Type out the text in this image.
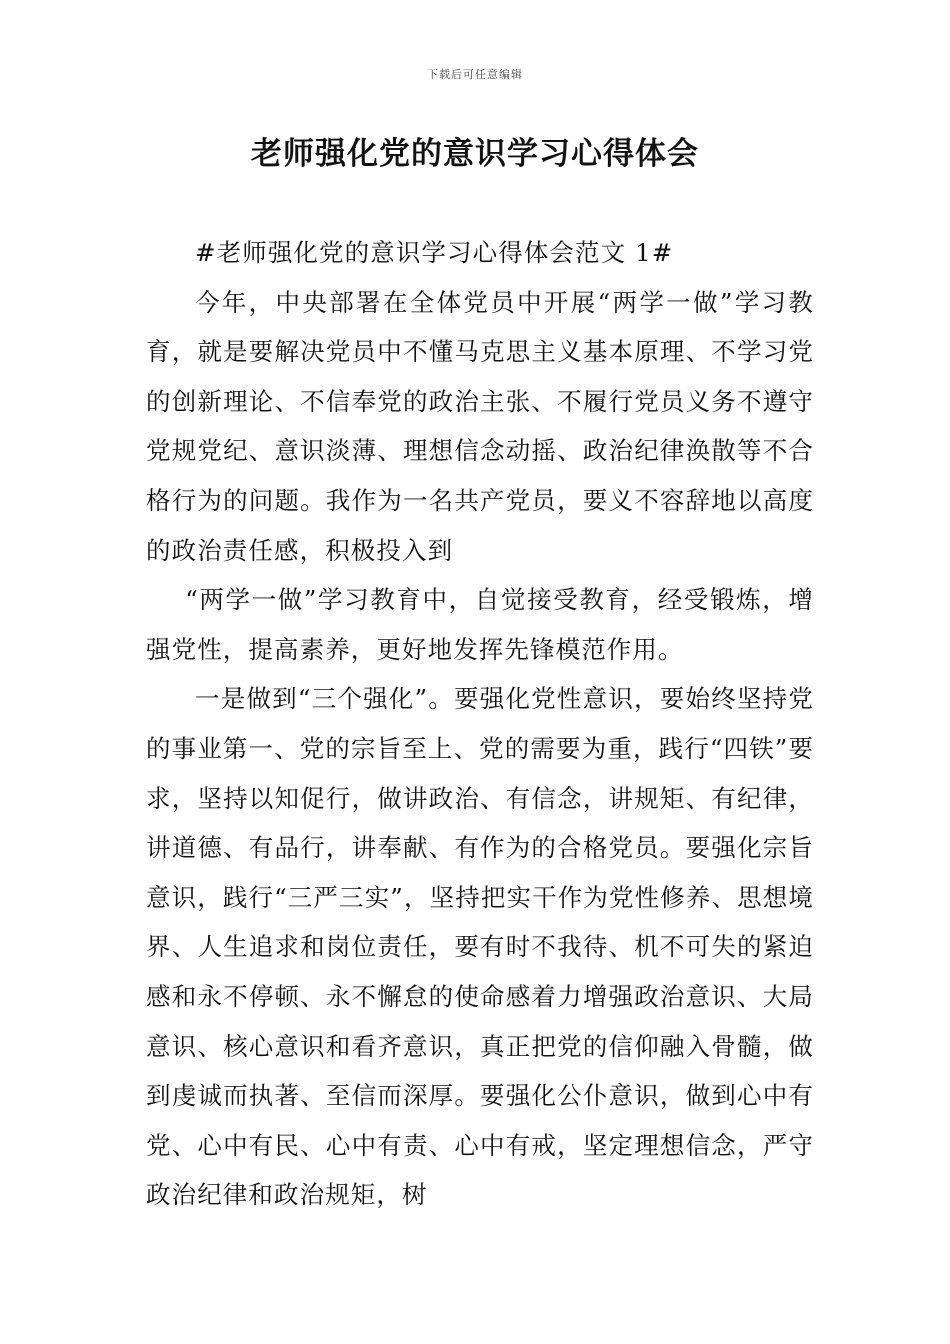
下载后可任意编辑
老师强化党的意识学习心得体会

#老师强化党的意识学习心得体会范文 1#

今年，中央部署在全体党员中开展“两学一做”学习教育，就是要解决党员中不懂马克思主义基本原理、不学习党的创新理论、不信奉党的政治主张、不履行党员义务不遵守党规党纪、意识淡薄、理想信念动摇、政治纪律涣散等不合格行为的问题。我作为一名共产党员，要义不容辞地以高度的政治责任感，积极投入到

“两学一做”学习教育中，自觉接受教育，经受锻炼，增强党性，提高素养，更好地发挥先锋模范作用。

一是做到“三个强化”。要强化党性意识，要始终坚持党的事业第一、党的宗旨至上、党的需要为重，践行“四铁”要求，坚持以知促行，做讲政治、有信念，讲规矩、有纪律，讲道德、有品行，讲奉献、有作为的合格党员。要强化宗旨意识，践行“三严三实”，坚持把实干作为党性修养、思想境界、人生追求和岗位责任，要有时不我待、机不可失的紧迫感和永不停顿、永不懈怠的使命感着力增强政治意识、大局意识、核心意识和看齐意识，真正把党的信仰融入骨髓，做到虔诚而执著、至信而深厚。要强化公仆意识，做到心中有党、心中有民、心中有责、心中有戒，坚定理想信念，严守政治纪律和政治规矩，树
